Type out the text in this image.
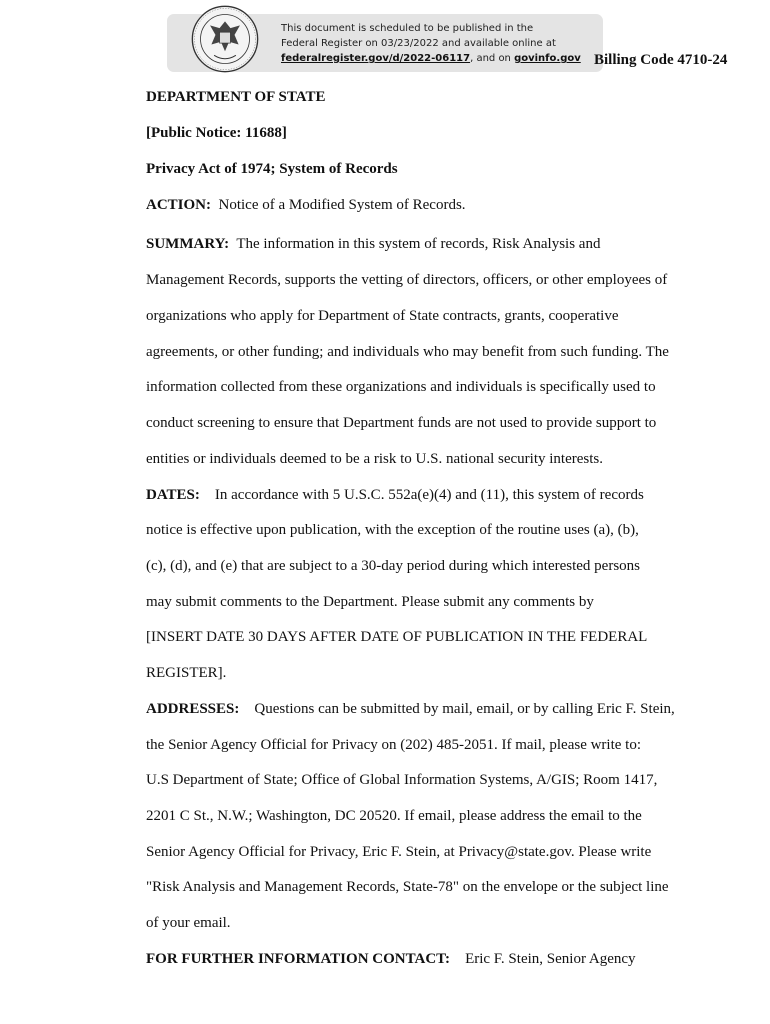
This document is scheduled to be published in the
Federal Register on 03/23/2022 and available online at
federalregister.gov/d/2022-06117, and on govinfo.gov Billing Code 4710-24
DEPARTMENT OF STATE
[Public Notice: 11688]
Privacy Act of 1974; System of Records
ACTION: Notice of a Modified System of Records.
SUMMARY: The information in this system of records, Risk Analysis and
Management Records, supports the vetting of directors, officers, or other employees of
organizations who apply for Department of State contracts, grants, cooperative
agreements, or other funding; and individuals who may benefit from such funding. The
information collected from these organizations and individuals is specifically used to
conduct screening to ensure that Department funds are not used to provide support to
entities or individuals deemed to be a risk to U.S. national security interests.
DATES: In accordance with 5 U.S.C. 552a(e)(4) and (11), this system of records
notice is effective upon publication, with the exception of the routine uses (a), (b),
(c), (d), and (e) that are subject to a 30-day period during which interested persons
may submit comments to the Department. Please submit any comments by
[INSERT DATE 30 DAYS AFTER DATE OF PUBLICATION IN THE FEDERAL
REGISTER].
ADDRESSES: Questions can be submitted by mail, email, or by calling Eric F. Stein,
the Senior Agency Official for Privacy on (202) 485-2051. If mail, please write to:
U.S Department of State; Office of Global Information Systems, A/GIS; Room 1417,
2201 C St., N.W.; Washington, DC 20520. If email, please address the email to the
Senior Agency Official for Privacy, Eric F. Stein, at Privacy@state.gov. Please write
"Risk Analysis and Management Records, State-78" on the envelope or the subject line
of your email.
FOR FURTHER INFORMATION CONTACT: Eric F. Stein, Senior Agency
